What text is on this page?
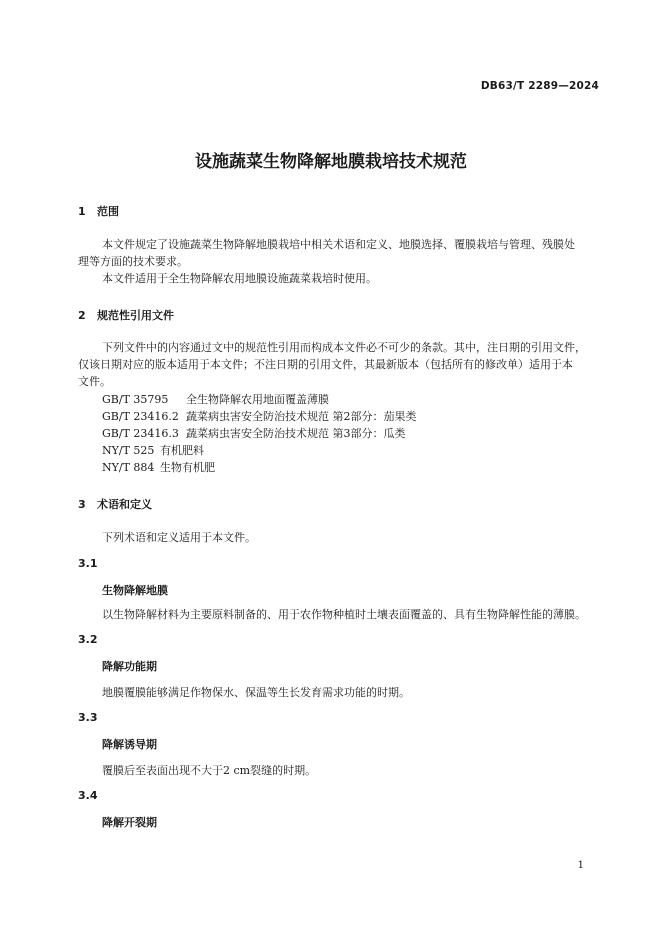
DB63/T 2289—2024
设施蔬菜生物降解地膜栽培技术规范
1 范围
本文件规定了设施蔬菜生物降解地膜栽培中相关术语和定义、地膜选择、覆膜栽培与管理、残膜处
理等方面的技术要求。
本文件适用于全生物降解农用地膜设施蔬菜栽培时使用。
2 规范性引用文件
下列文件中的内容通过文中的规范性引用而构成本文件必不可少的条款。其中，注日期的引用文件，
仅该日期对应的版本适用于本文件；不注日期的引用文件，其最新版本（包括所有的修改单）适用于本
文件。
GB/T 35795 全生物降解农用地面覆盖薄膜
GB/T 23416.2 蔬菜病虫害安全防治技术规范 第2部分：茄果类
GB/T 23416.3 蔬菜病虫害安全防治技术规范 第3部分：瓜类
NY/T 525 有机肥料
NY/T 884 生物有机肥
3 术语和定义
下列术语和定义适用于本文件。
3.1
生物降解地膜
以生物降解材料为主要原料制备的、用于农作物种植时土壤表面覆盖的、具有生物降解性能的薄膜。
3.2
降解功能期
地膜覆膜能够满足作物保水、保温等生长发育需求功能的时期。
3.3
降解诱导期
覆膜后至表面出现不大于2 cm裂缝的时期。
3.4
降解开裂期
1
